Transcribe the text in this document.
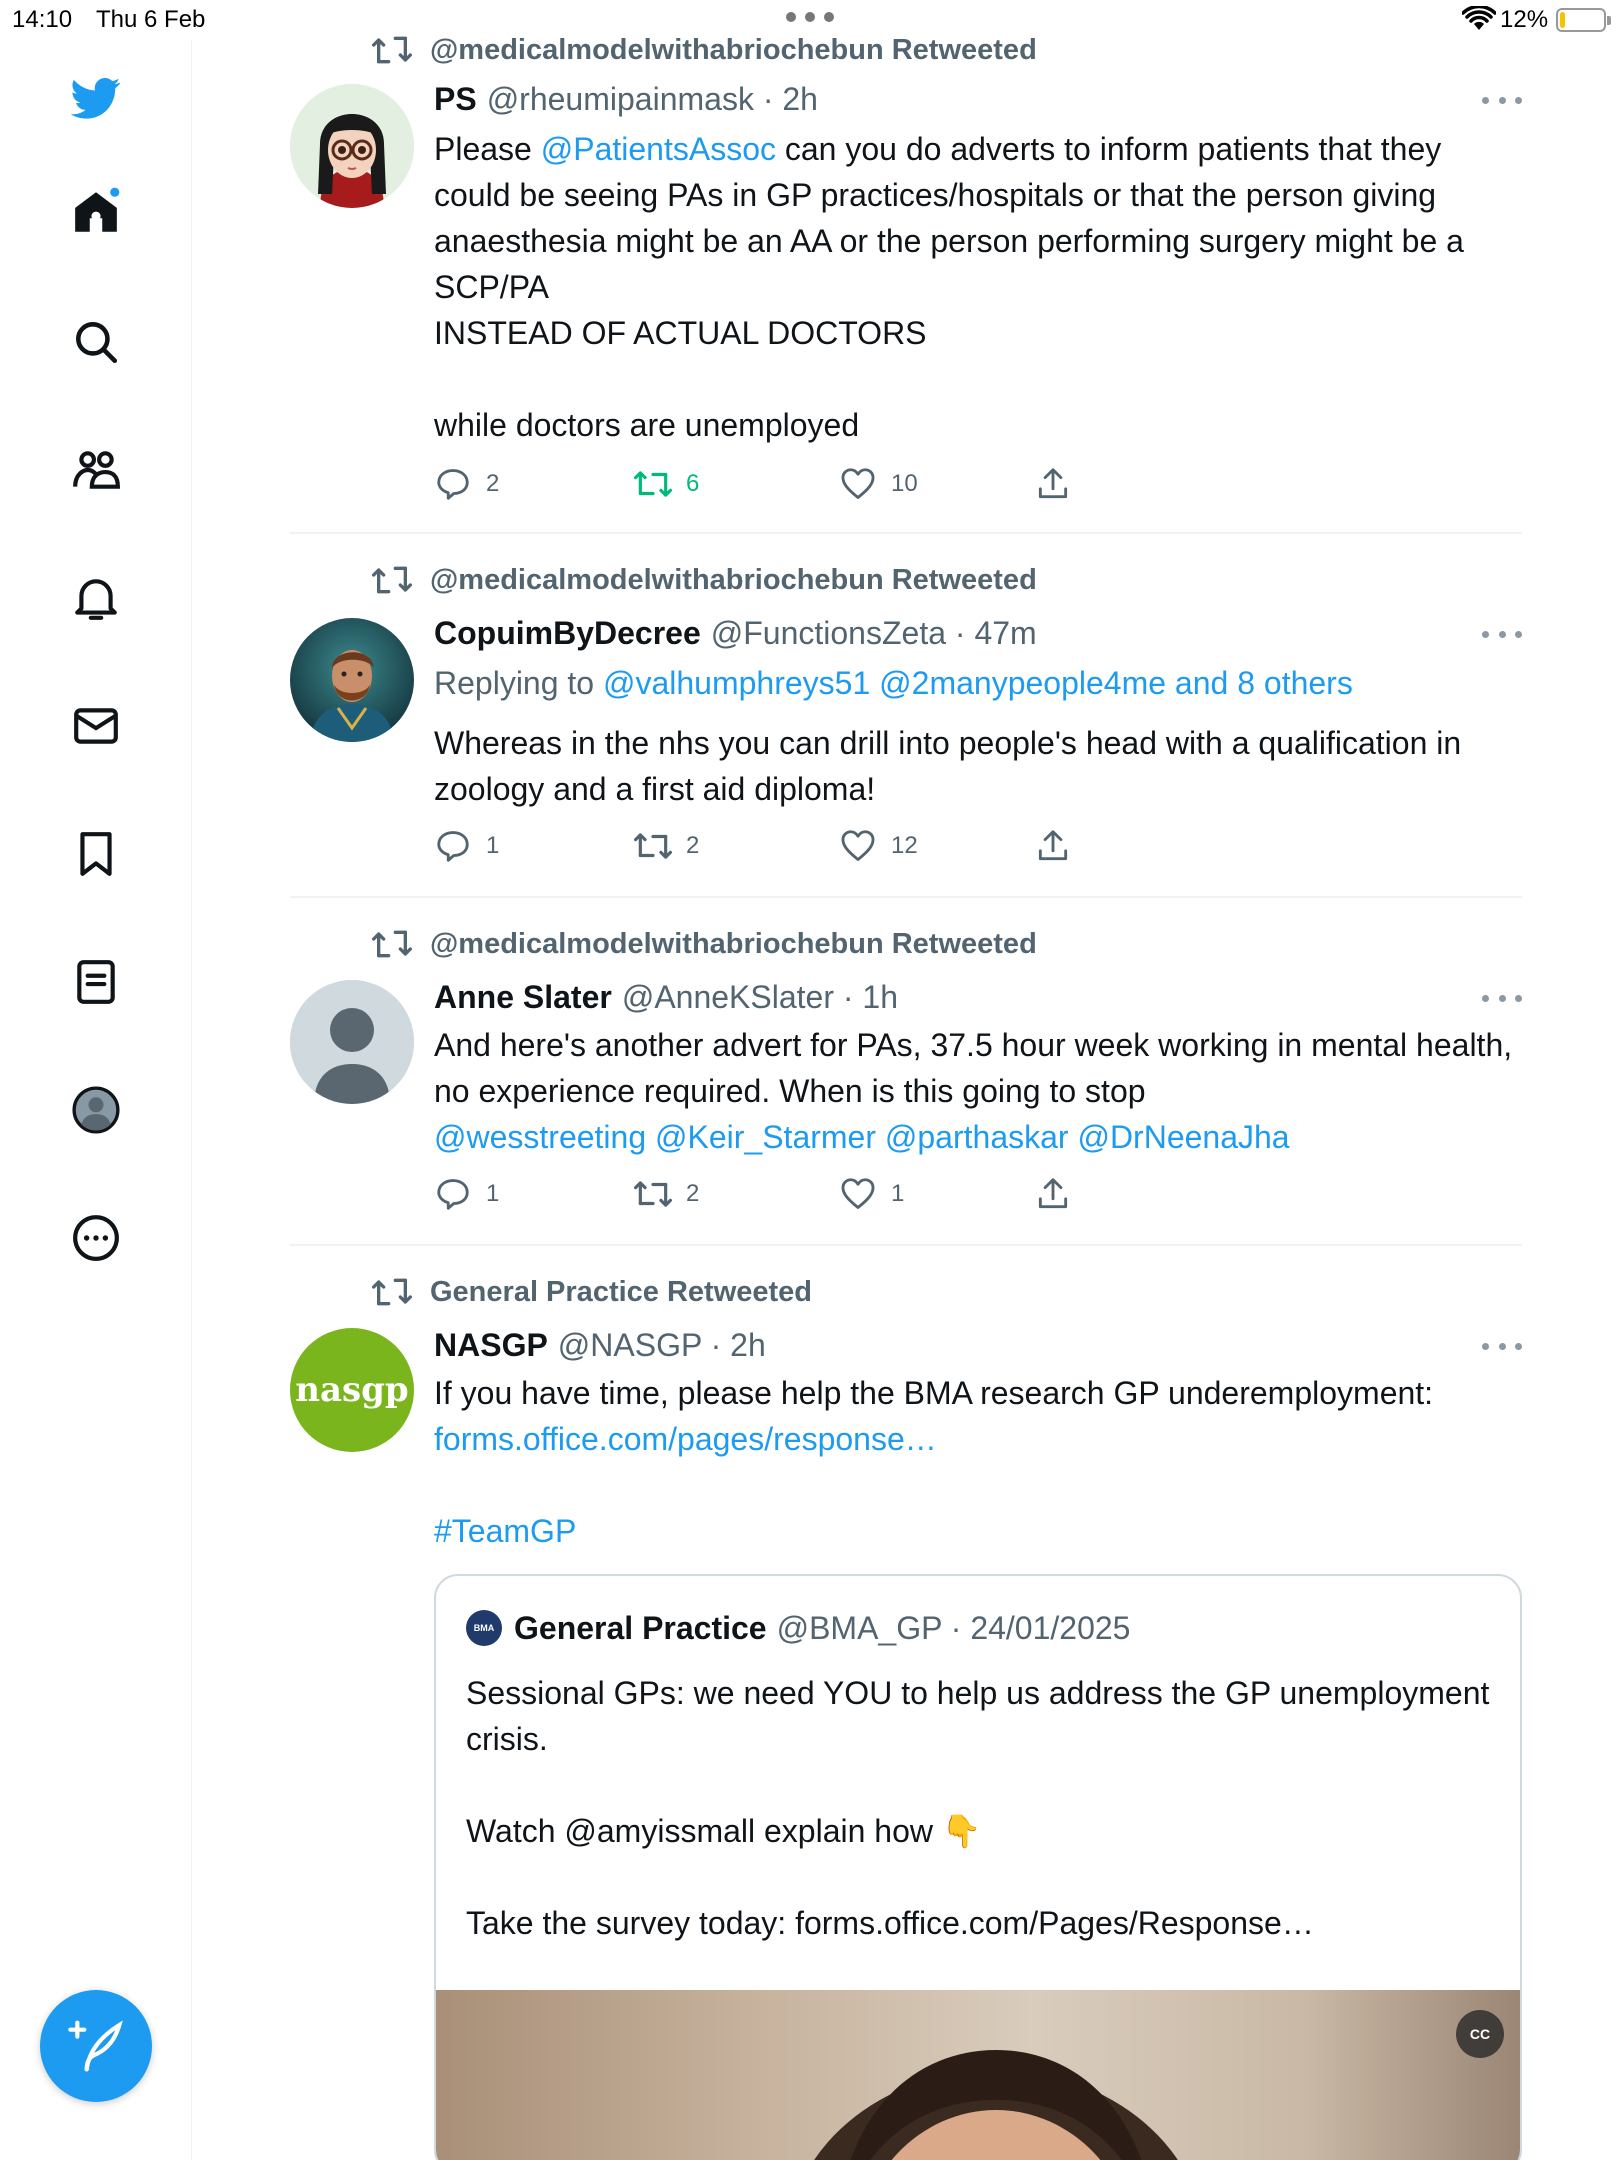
14:10 Thu 6 Feb	12%
@medicalmodelwithabriochebun Retweeted
PS @rheumipainmask · 2h
Please @PatientsAssoc can you do adverts to inform patients that they could be seeing PAs in GP practices/hospitals or that the person giving anaesthesia might be an AA or the person performing surgery might be a SCP/PA
INSTEAD OF ACTUAL DOCTORS

while doctors are unemployed
2	6	10
@medicalmodelwithabriochebun Retweeted
CopuimByDecree @FunctionsZeta · 47m
Replying to @valhumphreys51 @2manypeople4me and 8 others
Whereas in the nhs you can drill into people's head with a qualification in zoology and a first aid diploma!
1	2	12
@medicalmodelwithabriochebun Retweeted
Anne Slater @AnneKSlater · 1h
And here's another advert for PAs, 37.5 hour week working in mental health, no experience required. When is this going to stop
@wesstreeting @Keir_Starmer @parthaskar @DrNeenaJha
1	2	1
General Practice Retweeted
nasgp
NASGP @NASGP · 2h
If you have time, please help the BMA research GP underemployment:
forms.office.com/pages/response…

#TeamGP
BMA General Practice @BMA_GP · 24/01/2025
Sessional GPs: we need YOU to help us address the GP unemployment crisis.

Watch @amyissmall explain how 👇

Take the survey today: forms.office.com/Pages/Response…
CC
